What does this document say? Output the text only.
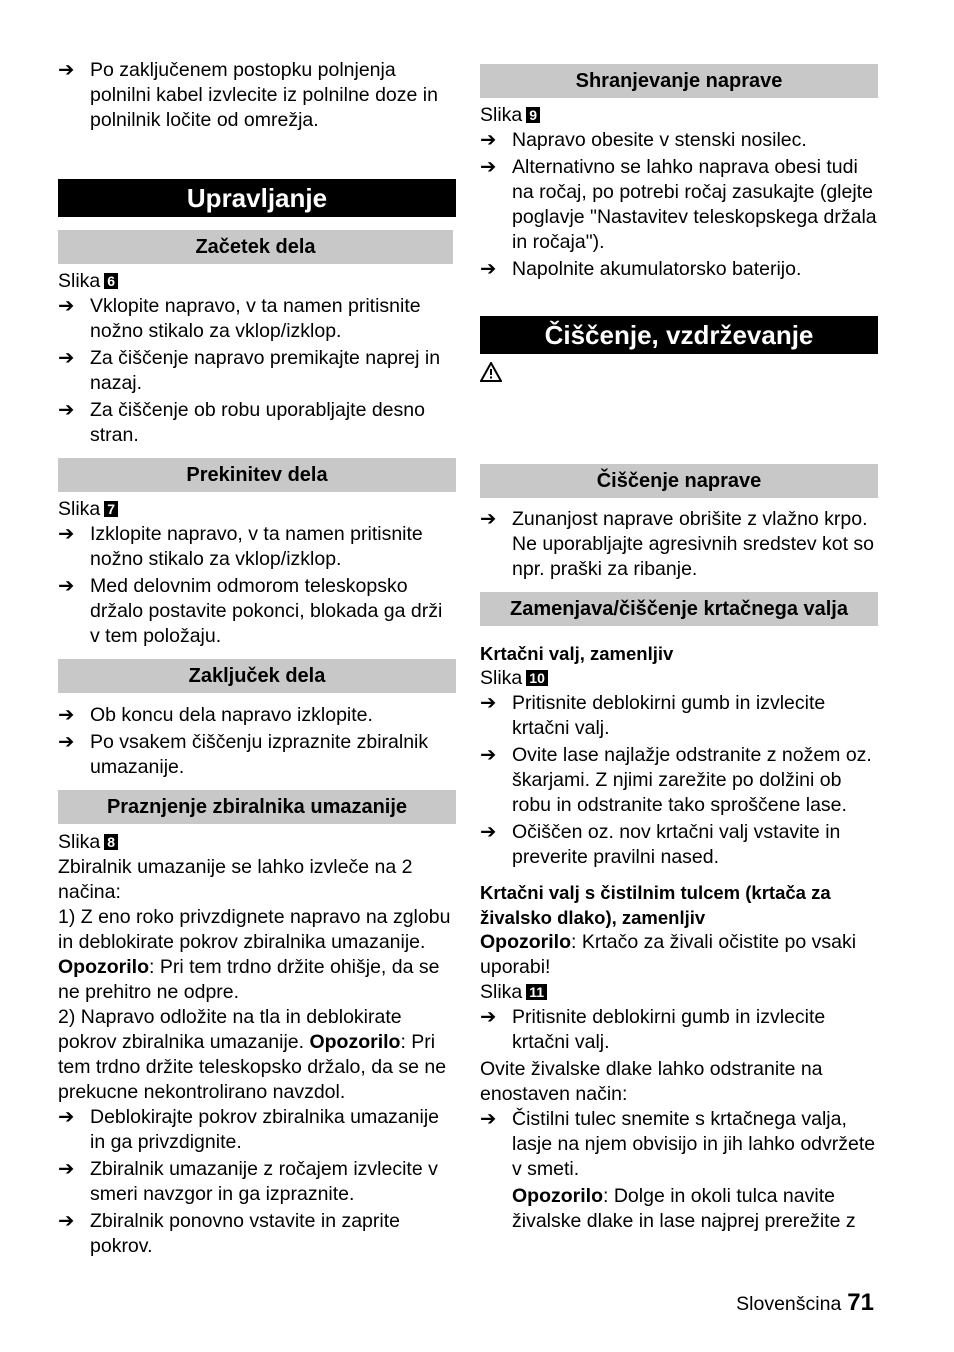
➔ Po zaključenem postopku polnjenja polnilni kabel izvlecite iz polnilne doze in polnilnik ločite od omrežja.

Upravljanje
Začetek dela

Slika 6

➔ Vklopite napravo, v ta namen pritisnite nožno stikalo za vklop/izklop.

➔ Za čiščenje napravo premikajte naprej in nazaj.

➔ Za čiščenje ob robu uporabljajte desno stran.

Prekinitev dela

Slika 7

➔ Izklopite napravo, v ta namen pritisnite nožno stikalo za vklop/izklop.

➔ Med delovnim odmorom teleskopsko držalo postavite pokonci, blokada ga drži v tem položaju.

Zaključek dela

➔ Ob koncu dela napravo izklopite.

➔ Po vsakem čiščenju izpraznite zbiralnik umazanije.

Praznjenje zbiralnika umazanije

Slika 8

Zbiralnik umazanije se lahko izvleče na 2 načina:

1) Z eno roko privzdignete napravo na zglobu in deblokirate pokrov zbiralnika umazanije. Opozorilo: Pri tem trdno držite ohišje, da se ne prehitro ne odpre.

2) Napravo odložite na tla in deblokirate pokrov zbiralnika umazanije. Opozorilo: Pri tem trdno držite teleskopsko držalo, da se ne prekucne nekontrolirano navzdol.

➔ Deblokirajte pokrov zbiralnika umazanije in ga privzdignite.

➔ Zbiralnik umazanije z ročajem izvlecite v smeri navzgor in ga izpraznite.

➔ Zbiralnik ponovno vstavite in zaprite pokrov.

Shranjevanje naprave

Slika 9

➔ Napravo obesite v stenski nosilec.

➔ Alternativno se lahko naprava obesi tudi na ročaj, po potrebi ročaj zasukajte (glejte poglavje "Nastavitev teleskopskega držala in ročaja").

➔ Napolnite akumulatorsko baterijo.

Čiščenje, vzdrževanje
Čiščenje naprave

➔ Zunanjost naprave obrišite z vlažno krpo. Ne uporabljajte agresivnih sredstev kot so npr. praški za ribanje.

Zamenjava/čiščenje krtačnega valja

Krtačni valj, zamenljiv

Slika 10

➔ Pritisnite deblokirni gumb in izvlecite krtačni valj.

➔ Ovite lase najlažje odstranite z nožem oz. škarjami. Z njimi zarežite po dolžini ob robu in odstranite tako sproščene lase.

➔ Očiščen oz. nov krtačni valj vstavite in preverite pravilni nased.

Krtačni valj s čistilnim tulcem (krtača za živalsko dlako), zamenljiv

Opozorilo: Krtačo za živali očistite po vsaki uporabi!

Slika 11

➔ Pritisnite deblokirni gumb in izvlecite krtačni valj.

Ovite živalske dlake lahko odstranite na enostaven način:

➔ Čistilni tulec snemite s krtačnega valja, lasje na njem obvisijo in jih lahko odvržete v smeti.

Opozorilo: Dolge in okoli tulca navite živalske dlake in lase najprej prerežite z

Slovenšcina 71
